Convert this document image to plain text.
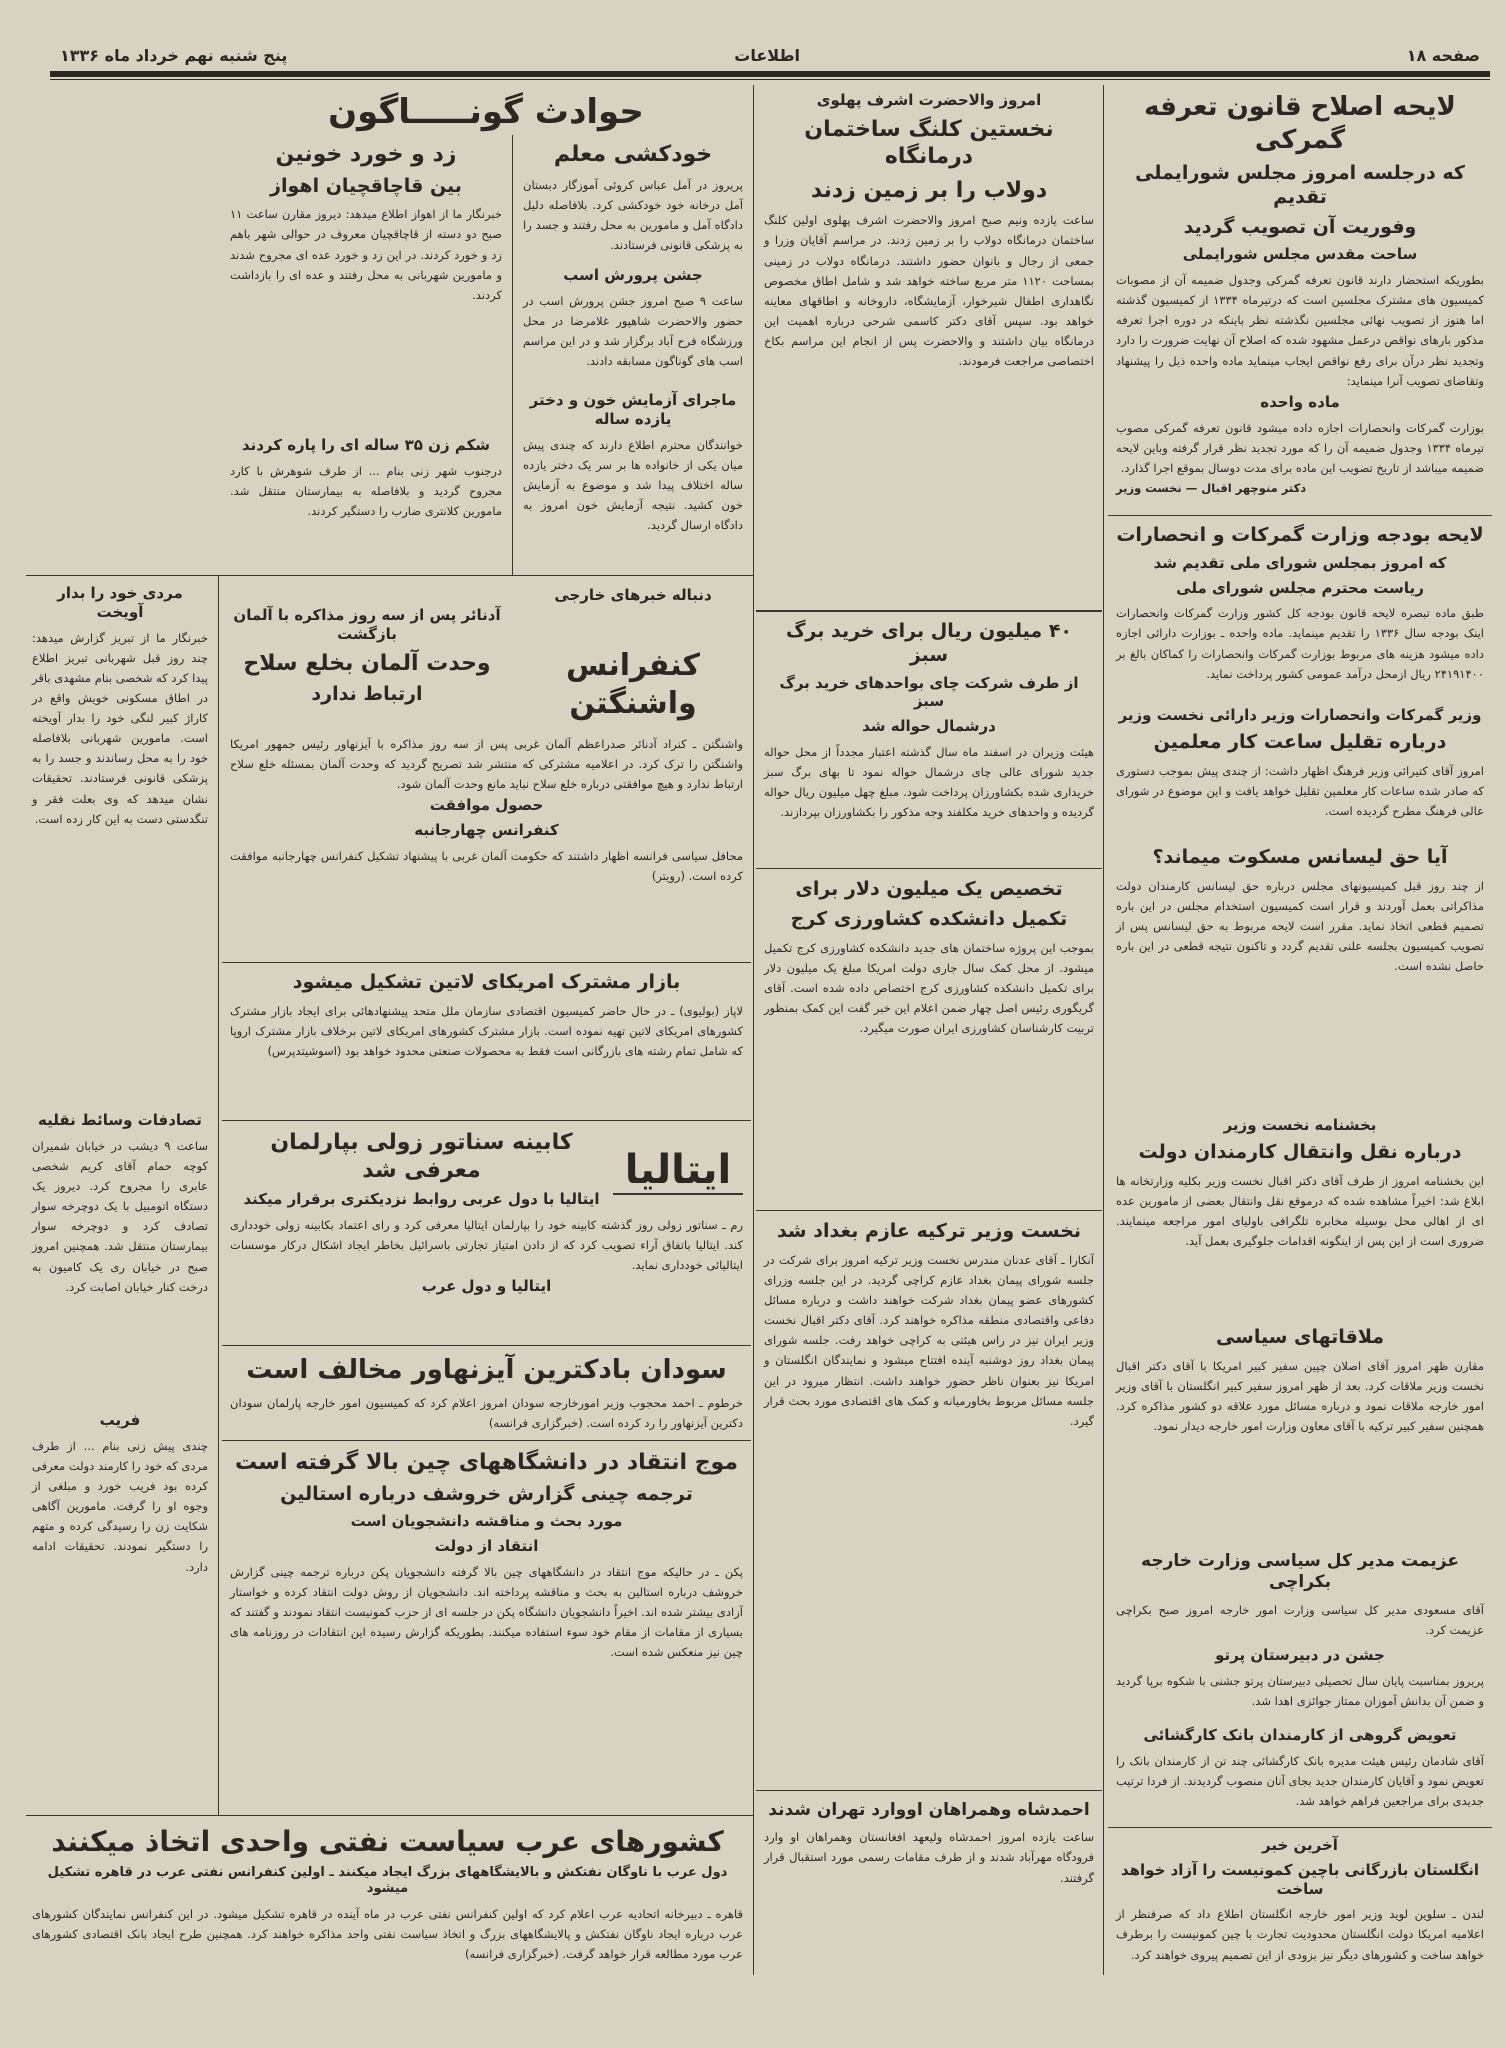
صفحه ۱۸
اطلاعات
پنج شنبه نهم خرداد ماه ۱۳۳۶
لایحه اصلاح قانون تعرفه گمرکی
که درجلسه امروز مجلس شورایملی تقدیم
وفوریت آن تصویب گردید
ساحت مقدس مجلس شورایملی

بطوریکه استحضار دارند قانون تعرفه گمرکی وجدول ضمیمه آن از مصوبات کمیسیون های مشترک مجلسین است که درتیرماه ۱۳۳۴ از کمیسیون گذشته اما هنوز از تصویب نهائی مجلسین نگذشته نظر باینکه در دوره اجرا تعرفه مذکور بارهای نواقص درعمل مشهود شده که اصلاح آن نهایت ضرورت را دارد وتجدید نظر درآن برای رفع نواقص ایجاب مینماید ماده واحده ذیل را پیشنهاد وتقاضای تصویب آنرا مینماید:

ماده واحده

بوزارت گمرکات وانحصارات اجازه داده میشود قانون تعرفه گمرکی مصوب تیرماه ۱۳۳۴ وجدول ضمیمه آن را که مورد تجدید نظر قرار گرفته وباین لایحه ضمیمه میباشد از تاریخ تصویب این ماده برای مدت دوسال بموقع اجرا گذارد.

دکتر منوچهر اقبال — نخست وزیر

لایحه بودجه وزارت گمرکات و انحصارات
که امروز بمجلس شورای ملی تقدیم شد
ریاست محترم مجلس شورای ملی

طبق ماده تبصره لایحه قانون بودجه کل کشور وزارت گمرکات وانحصارات اینک بودجه سال ۱۳۳۶ را تقدیم مینماید. ماده واحده ـ بوزارت دارائی اجازه داده میشود هزینه های مربوط بوزارت گمرکات وانحصارات را کماکان بالغ بر ۲۴۱۹۱۴۰۰ ریال ازمحل درآمد عمومی کشور پرداخت نماید.

وزیر گمرکات وانحصارات وزیر دارائی نخست وزیر
درباره تقلیل ساعت کار معلمین

امروز آقای کتیرائی وزیر فرهنگ اظهار داشت: از چندی پیش بموجب دستوری که صادر شده ساعات کار معلمین تقلیل خواهد یافت و این موضوع در شورای عالی فرهنگ مطرح گردیده است.

آیا حق لیسانس مسکوت میماند؟

از چند روز قبل کمیسیونهای مجلس درباره حق لیسانس کارمندان دولت مذاکراتی بعمل آوردند و قرار است کمیسیون استخدام مجلس در این باره تصمیم قطعی اتخاذ نماید. مقرر است لایحه مربوط به حق لیسانس پس از تصویب کمیسیون بجلسه علنی تقدیم گردد و تاکنون نتیجه قطعی در این باره حاصل نشده است.

بخشنامه نخست وزیر
درباره نقل وانتقال کارمندان دولت

این بخشنامه امروز از طرف آقای دکتر اقبال نخست وزیر بکلیه وزارتخانه ها ابلاغ شد: اخیراً مشاهده شده که درموقع نقل وانتقال بعضی از مامورین عده ای از اهالی محل بوسیله مخابره تلگرافی باولیای امور مراجعه مینمایند. ضروری است از این پس از اینگونه اقدامات جلوگیری بعمل آید.

ملاقاتهای سیاسی

مقارن ظهر امروز آقای اصلان چپین سفیر کبیر امریکا با آقای دکتر اقبال نخست وزیر ملاقات کرد. بعد از ظهر امروز سفیر کبیر انگلستان با آقای وزیر امور خارجه ملاقات نمود و درباره مسائل مورد علاقه دو کشور مذاکره کرد. همچنین سفیر کبیر ترکیه با آقای معاون وزارت امور خارجه دیدار نمود.

عزیمت مدیر کل سیاسی وزارت خارجه بکراچی

آقای مسعودی مدیر کل سیاسی وزارت امور خارجه امروز صبح بکراچی عزیمت کرد.

جشن در دبیرستان پرتو

پریروز بمناسبت پایان سال تحصیلی دبیرستان پرتو جشنی با شکوه برپا گردید و ضمن آن بدانش آموزان ممتاز جوائزی اهدا شد.

تعویض گروهی از کارمندان بانک کارگشائی

آقای شادمان رئیس هیئت مدیره بانک کارگشائی چند تن از کارمندان بانک را تعویض نمود و آقایان کارمندان جدید بجای آنان منصوب گردیدند. از فردا ترتیب جدیدی برای مراجعین فراهم خواهد شد.

آخرین خبر
انگلستان بازرگانی باچین کمونیست را آزاد خواهد ساخت

لندن ـ سلوین لوید وزیر امور خارجه انگلستان اطلاع داد که صرفنظر از اعلامیه امریکا دولت انگلستان محدودیت تجارت با چین کمونیست را برطرف خواهد ساخت و کشورهای دیگر نیز بزودی از این تصمیم پیروی خواهند کرد.

امروز والاحضرت اشرف پهلوی
نخستین کلنگ ساختمان درمانگاه
دولاب را بر زمین زدند

ساعت یازده ونیم صبح امروز والاحضرت اشرف پهلوی اولین کلنگ ساختمان درمانگاه دولاب را بر زمین زدند. در مراسم آقایان وزرا و جمعی از رجال و بانوان حضور داشتند. درمانگاه دولاب در زمینی بمساحت ۱۱۲۰ متر مربع ساخته خواهد شد و شامل اطاق مخصوص نگاهداری اطفال شیرخوار، آزمایشگاه، داروخانه و اطاقهای معاینه خواهد بود. سپس آقای دکتر کاسمی شرحی درباره اهمیت این درمانگاه بیان داشتند و والاحضرت پس از انجام این مراسم بکاخ اختصاصی مراجعت فرمودند.

۴۰ میلیون ریال برای خرید برگ سبز
از طرف شرکت چای بواحدهای خرید برگ سبز
درشمال حواله شد

هیئت وزیران در اسفند ماه سال گذشته اعتبار مجدداً از محل حواله جدید شورای عالی چای درشمال حواله نمود تا بهای برگ سبز خریداری شده بکشاورزان پرداخت شود. مبلغ چهل میلیون ریال حواله گردیده و واحدهای خرید مکلفند وجه مذکور را بکشاورزان بپردازند.

تخصیص یک میلیون دلار برای
تکمیل دانشکده کشاورزی کرج

بموجب این پروژه ساختمان های جدید دانشکده کشاورزی کرج تکمیل میشود. از محل کمک سال جاری دولت امریکا مبلغ یک میلیون دلار برای تکمیل دانشکده کشاورزی کرج اختصاص داده شده است. آقای گریگوری رئیس اصل چهار ضمن اعلام این خبر گفت این کمک بمنظور تربیت کارشناسان کشاورزی ایران صورت میگیرد.

نخست وزیر ترکیه عازم بغداد شد

آنکارا ـ آقای عدنان مندرس نخست وزیر ترکیه امروز برای شرکت در جلسه شورای پیمان بغداد عازم کراچی گردید. در این جلسه وزرای کشورهای عضو پیمان بغداد شرکت خواهند داشت و درباره مسائل دفاعی واقتصادی منطقه مذاکره خواهند کرد. آقای دکتر اقبال نخست وزیر ایران نیز در راس هیئتی به کراچی خواهد رفت. جلسه شورای پیمان بغداد روز دوشنبه آینده افتتاح میشود و نمایندگان انگلستان و امریکا نیز بعنوان ناظر حضور خواهند داشت. انتظار میرود در این جلسه مسائل مربوط بخاورمیانه و کمک های اقتصادی مورد بحث قرار گیرد.

احمدشاه وهمراهان اووارد تهران شدند

ساعت یازده امروز احمدشاه ولیعهد افغانستان وهمراهان او وارد فرودگاه مهرآباد شدند و از طرف مقامات رسمی مورد استقبال قرار گرفتند.

حوادث گونـــــاگون
خودکشی معلم

پریروز در آمل عباس کروئی آموزگار دبستان آمل درخانه خود خودکشی کرد. بلافاصله دلیل دادگاه آمل و مامورین به محل رفتند و جسد را به پزشکی قانونی فرستادند.

جشن پرورش اسب

ساعت ۹ صبح امروز جشن پرورش اسب در حضور والاحضرت شاهپور غلامرضا در محل ورزشگاه فرح آباد برگزار شد و در این مراسم اسب های گوناگون مسابقه دادند.

ماجرای آزمایش خون و دختر یازده ساله

خوانندگان محترم اطلاع دارند که چندی پیش میان یکی از خانواده ها بر سر یک دختر یازده ساله اختلاف پیدا شد و موضوع به آزمایش خون کشید. نتیجه آزمایش خون امروز به دادگاه ارسال گردید.

زد و خورد خونین
بین قاچاقچیان اهواز

خبرنگار ما از اهواز اطلاع میدهد: دیروز مقارن ساعت ۱۱ صبح دو دسته از قاچاقچیان معروف در حوالی شهر باهم زد و خورد کردند. در این زد و خورد عده ای مجروح شدند و مامورین شهربانی به محل رفتند و عده ای را بازداشت کردند.

شکم زن ۳۵ ساله ای را پاره کردند

درجنوب شهر زنی بنام ... از طرف شوهرش با کارد مجروح گردید و بلافاصله به بیمارستان منتقل شد. مامورین کلانتری ضارب را دستگیر کردند.

مردی خود را بدار آویخت

خبرنگار ما از تبریز گزارش میدهد: چند روز قبل شهربانی تبریز اطلاع پیدا کرد که شخصی بنام مشهدی باقر در اطاق مسکونی خویش واقع در کاراژ کبیر لنگی خود را بدار آویخته است. مامورین شهربانی بلافاصله خود را به محل رساندند و جسد را به پزشکی قانونی فرستادند. تحقیقات نشان میدهد که وی بعلت فقر و تنگدستی دست به این کار زده است.

تصادفات وسائط نقلیه

ساعت ۹ دیشب در خیابان شمیران کوچه حمام آقای کریم شخصی عابری را مجروح کرد. دیروز یک دستگاه اتومبیل با یک دوچرخه سوار تصادف کرد و دوچرخه سوار بیمارستان منتقل شد. همچنین امروز صبح در خیابان ری یک کامیون به درخت کنار خیابان اصابت کرد.

فریب

چندی پیش زنی بنام ... از طرف مردی که خود را کارمند دولت معرفی کرده بود فریب خورد و مبلغی از وجوه او را گرفت. مامورین آگاهی شکایت زن را رسیدگی کرده و متهم را دستگیر نمودند. تحقیقات ادامه دارد.

دنباله خبرهای خارجی
کنفرانس واشنگتن
آدنائر پس از سه روز مذاکره با آلمان بازگشت
وحدت آلمان بخلع سلاح
ارتباط ندارد

واشنگتن ـ کنراد آدنائر صدراعظم آلمان غربی پس از سه روز مذاکره با آیزنهاور رئیس جمهور امریکا واشنگتن را ترک کرد. در اعلامیه مشترکی که منتشر شد تصریح گردید که وحدت آلمان بمسئله خلع سلاح ارتباط ندارد و هیچ موافقتی درباره خلع سلاح نباید مانع وحدت آلمان شود.

حصول موافقت
کنفرانس چهارجانبه

محافل سیاسی فرانسه اظهار داشتند که حکومت آلمان غربی با پیشنهاد تشکیل کنفرانس چهارجانبه موافقت کرده است. (رویتر)

بازار مشترک امریکای لاتین تشکیل میشود

لاپاز (بولیوی) ـ در حال حاضر کمیسیون اقتصادی سازمان ملل متحد پیشنهادهائی برای ایجاد بازار مشترک کشورهای امریکای لاتین تهیه نموده است. بازار مشترک کشورهای امریکای لاتین برخلاف بازار مشترک اروپا که شامل تمام رشته های بازرگانی است فقط به محصولات صنعتی محدود خواهد بود (اسوشیتدپرس)

ایتالیا
کابینه سناتور زولی بپارلمان معرفی شد
ایتالیا با دول عربی روابط نزدیکتری برقرار میکند

رم ـ سناتور زولی روز گذشته کابینه خود را بپارلمان ایتالیا معرفی کرد و رای اعتماد بکابینه زولی خودداری کند. ایتالیا باتفاق آراء تصویب کرد که از دادن امتیاز تجارتی باسرائیل بخاطر ایجاد اشکال درکار موسسات ایتالیائی خودداری نماید.

ایتالیا و دول عرب
سودان بادکترین آیزنهاور مخالف است

خرطوم ـ احمد محجوب وزیر امورخارجه سودان امروز اعلام کرد که کمیسیون امور خارجه پارلمان سودان دکترین آیزنهاور را رد کرده است. (خبرگزاری فرانسه)

موج انتقاد در دانشگاههای چین بالا گرفته است
ترجمه چینی گزارش خروشف درباره استالین
مورد بحث و مناقشه دانشجویان است
انتقاد از دولت

پکن ـ در حالیکه موج انتقاد در دانشگاههای چین بالا گرفته دانشجویان پکن درباره ترجمه چینی گزارش خروشف درباره استالین به بحث و مناقشه پرداخته اند. دانشجویان از روش دولت انتقاد کرده و خواستار آزادی بیشتر شده اند. اخیراً دانشجویان دانشگاه پکن در جلسه ای از حزب کمونیست انتقاد نمودند و گفتند که بسیاری از مقامات از مقام خود سوء استفاده میکنند. بطوریکه گزارش رسیده این انتقادات در روزنامه های چین نیز منعکس شده است.

کشورهای عرب سیاست نفتی واحدی اتخاذ میکنند
دول عرب با ناوگان نفتکش و بالایشگاههای بزرگ ایجاد میکنند ـ اولین کنفرانس نفتی عرب در قاهره تشکیل میشود

قاهره ـ دبیرخانه اتحادیه عرب اعلام کرد که اولین کنفرانس نفتی عرب در ماه آینده در قاهره تشکیل میشود. در این کنفرانس نمایندگان کشورهای عرب درباره ایجاد ناوگان نفتکش و پالایشگاههای بزرگ و اتخاذ سیاست نفتی واحد مذاکره خواهند کرد. همچنین طرح ایجاد بانک اقتصادی کشورهای عرب مورد مطالعه قرار خواهد گرفت. (خبرگزاری فرانسه)
